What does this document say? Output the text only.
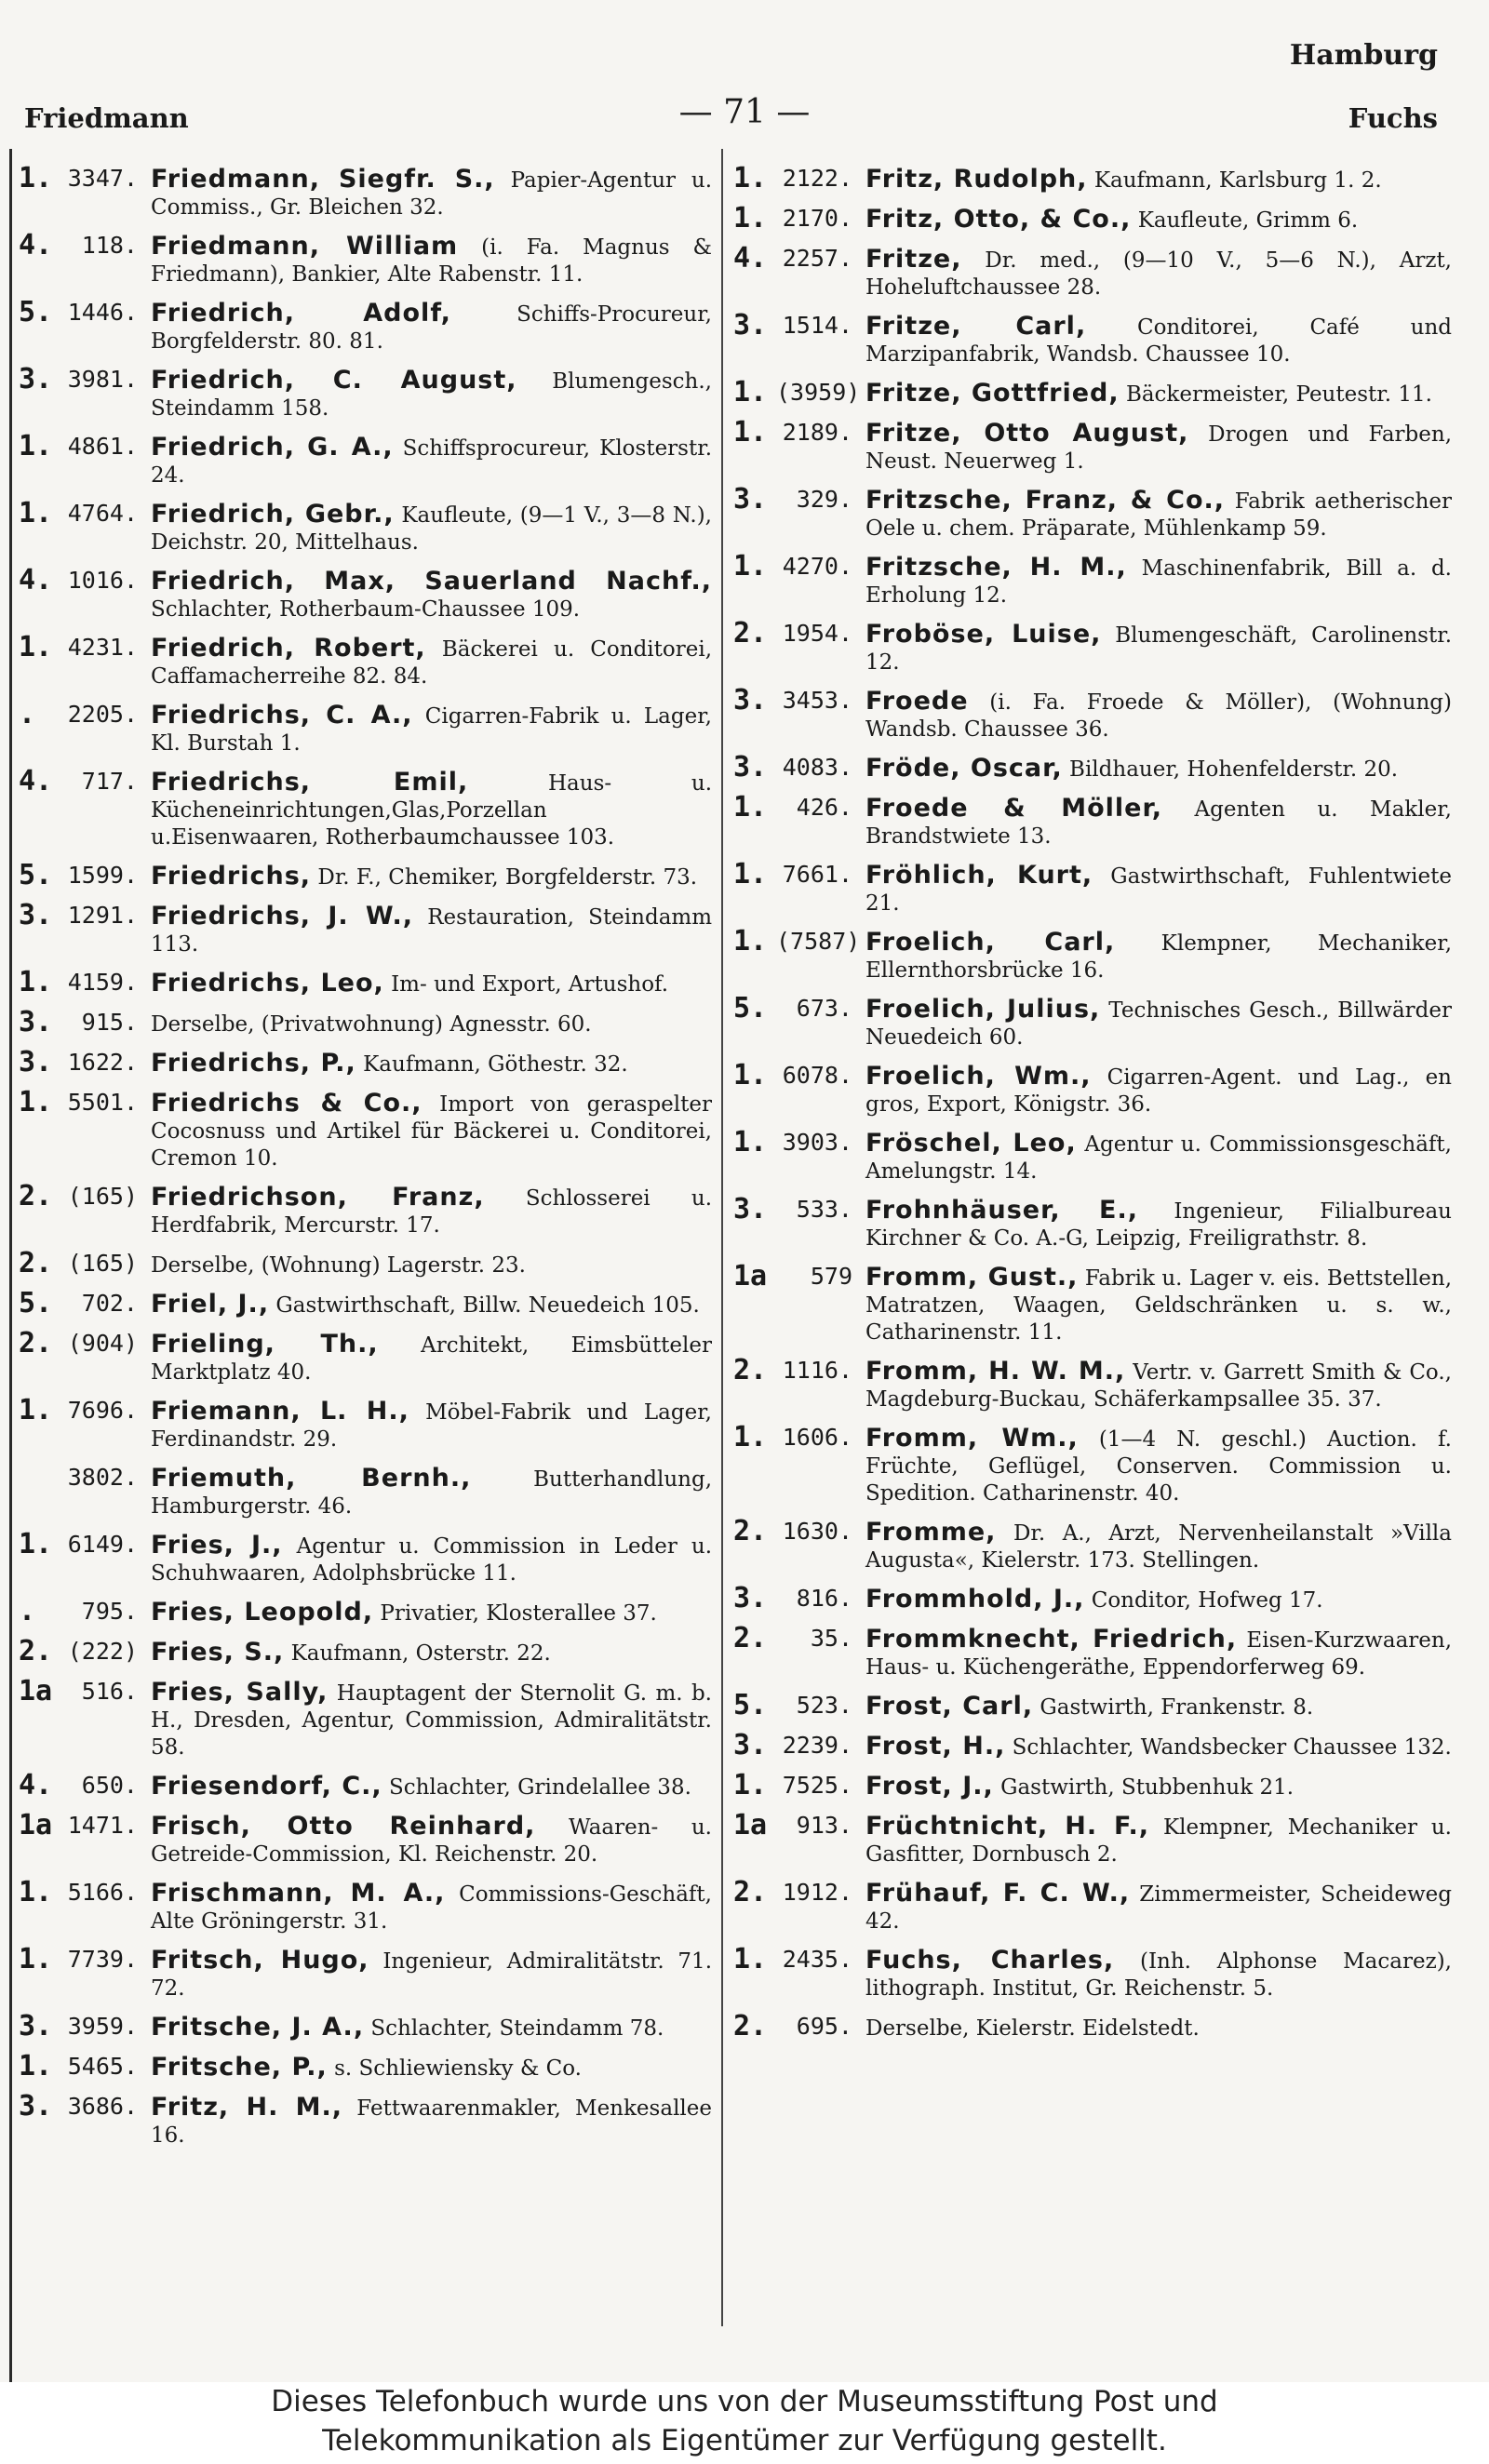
Hamburg
Friedmann	— 71 —	Fuchs
1. 3347. Friedmann, Siegfr. S., Papier-Agentur u. Commiss., Gr. Bleichen 32.
4.	118. Friedmann, William (i. Fa. Magnus & Friedmann), Bankier, Alte Rabenstr. 11.
5. 1446. Friedrich, Adolf,	Schiffs-Procureur, Borgfelderstr. 80. 81.
3. 3981. Friedrich, C. August, Blumengesch., Steindamm 158.
1. 4861. Friedrich, G. A., Schiffsprocureur, Klosterstr. 24.
1. 4764. Friedrich, Gebr., Kaufleute, (9—1 V., 3—8 N.), Deichstr. 20, Mittelhaus.
4. 1016. Friedrich, Max, Sauerland Nachf., Schlachter, Rotherbaum-Chaussee 109.
1. 4231. Friedrich, Robert, Bäckerei u. Conditorei, Caffamacherreihe 82. 84.
.	2205. Friedrichs, C. A., Cigarren-Fabrik u. Lager, Kl. Burstah 1.
4.	717. Friedrichs, Emil,	Haus- u. Kücheneinrichtungen,Glas,Porzellan u.Eisenwaaren, Rotherbaumchaussee 103.
5. 1599. Friedrichs, Dr. F., Chemiker, Borgfelderstr. 73.
3. 1291. Friedrichs, J. W., Restauration, Steindamm 113.
1. 4159. Friedrichs, Leo, Im- und Export, Artushof.
3.	915. Derselbe, (Privatwohnung) Agnesstr. 60.
3. 1622. Friedrichs, P., Kaufmann, Göthestr. 32.
1. 5501. Friedrichs & Co., Import von geraspelter Cocosnuss und Artikel für Bäckerei u. Conditorei, Cremon 10.
2. (165) Friedrichson, Franz, Schlosserei u. Herdfabrik, Mercurstr. 17.
2. (165) Derselbe, (Wohnung) Lagerstr. 23.
5.	702. Friel, J., Gastwirthschaft, Billw. Neuedeich 105.
2. (904) Frieling, Th., Architekt, Eimsbütteler Marktplatz 40.
1. 7696. Friemann, L. H., Möbel-Fabrik und Lager, Ferdinandstr. 29.
3802. Friemuth, Bernh.,	Butterhandlung, Hamburgerstr. 46.
1. 6149. Fries, J., Agentur u. Commission in Leder u. Schuhwaaren, Adolphsbrücke 11.
.	795. Fries, Leopold, Privatier, Klosterallee 37.
2. (222) Fries, S., Kaufmann, Osterstr. 22.
1a	516. Fries, Sally, Hauptagent der Sternolit G. m. b. H., Dresden, Agentur, Commission, Admiralitätstr. 58.
4.	650. Friesendorf, C., Schlachter, Grindelallee 38.
1a 1471. Frisch, Otto Reinhard, Waaren- u. Getreide-Commission, Kl. Reichenstr. 20.
1. 5166. Frischmann, M. A., Commissions-Geschäft, Alte Gröningerstr. 31.
1. 7739. Fritsch, Hugo, Ingenieur, Admiralitätstr. 71. 72.
3. 3959. Fritsche, J. A., Schlachter, Steindamm 78.
1. 5465. Fritsche, P., s. Schliewiensky & Co.
3. 3686. Fritz, H. M., Fettwaarenmakler, Menkesallee 16.
1. 2122. Fritz, Rudolph, Kaufmann, Karlsburg 1. 2.
1. 2170. Fritz, Otto, & Co., Kaufleute, Grimm 6.
4. 2257. Fritze, Dr. med., (9—10 V., 5—6 N.), Arzt, Hoheluftchaussee 28.
3. 1514. Fritze, Carl, Conditorei, Café und Marzipanfabrik, Wandsb. Chaussee 10.
1. (3959) Fritze, Gottfried, Bäckermeister, Peutestr. 11.
1. 2189. Fritze, Otto August, Drogen und Farben, Neust. Neuerweg 1.
3.	329. Fritzsche, Franz, & Co., Fabrik aetherischer Oele u. chem. Präparate, Mühlenkamp 59.
1. 4270. Fritzsche, H. M., Maschinenfabrik, Bill a. d. Erholung 12.
2. 1954. Froböse, Luise, Blumengeschäft, Carolinenstr. 12.
3. 3453. Froede (i. Fa. Froede & Möller), (Wohnung) Wandsb. Chaussee 36.
3. 4083. Fröde, Oscar, Bildhauer, Hohenfelderstr. 20.
1.	426. Froede & Möller, Agenten u. Makler, Brandstwiete 13.
1. 7661. Fröhlich, Kurt, Gastwirthschaft, Fuhlentwiete 21.
1. (7587) Froelich, Carl, Klempner, Mechaniker, Ellernthorsbrücke 16.
5.	673. Froelich, Julius, Technisches Gesch., Billwärder Neuedeich 60.
1. 6078. Froelich, Wm., Cigarren-Agent. und Lag., en gros, Export, Königstr. 36.
1. 3903. Fröschel, Leo, Agentur u. Commissionsgeschäft, Amelungstr. 14.
3.	533. Frohnhäuser, E., Ingenieur, Filialbureau Kirchner & Co. A.-G, Leipzig, Freiligrathstr. 8.
1a	579 Fromm, Gust., Fabrik u. Lager v. eis. Bettstellen, Matratzen, Waagen, Geldschränken u. s. w., Catharinenstr. 11.
2. 1116. Fromm, H. W. M., Vertr. v. Garrett Smith & Co., Magdeburg-Buckau, Schäferkampsallee 35. 37.
1. 1606. Fromm, Wm., (1—4 N. geschl.) Auction. f. Früchte, Geflügel, Conserven. Commission u. Spedition. Catharinenstr. 40.
2. 1630. Fromme, Dr. A., Arzt, Nervenheilanstalt »Villa Augusta«, Kielerstr. 173. Stellingen.
3.	816. Frommhold, J., Conditor, Hofweg 17.
2.	35. Frommknecht, Friedrich, Eisen-Kurzwaaren, Haus- u. Küchengeräthe, Eppendorferweg 69.
5.	523. Frost, Carl, Gastwirth, Frankenstr. 8.
3. 2239. Frost, H., Schlachter, Wandsbecker Chaussee 132.
1. 7525. Frost, J., Gastwirth, Stubbenhuk 21.
1a	913. Früchtnicht, H. F., Klempner, Mechaniker u. Gasfitter, Dornbusch 2.
2. 1912. Frühauf, F. C. W., Zimmermeister, Scheideweg 42.
1. 2435. Fuchs, Charles, (Inh. Alphonse Macarez), lithograph. Institut, Gr. Reichenstr. 5.
2.	695. Derselbe, Kielerstr. Eidelstedt.
Dieses Telefonbuch wurde uns von der Museumsstiftung Post und
Telekommunikation als Eigentümer zur Verfügung gestellt.
